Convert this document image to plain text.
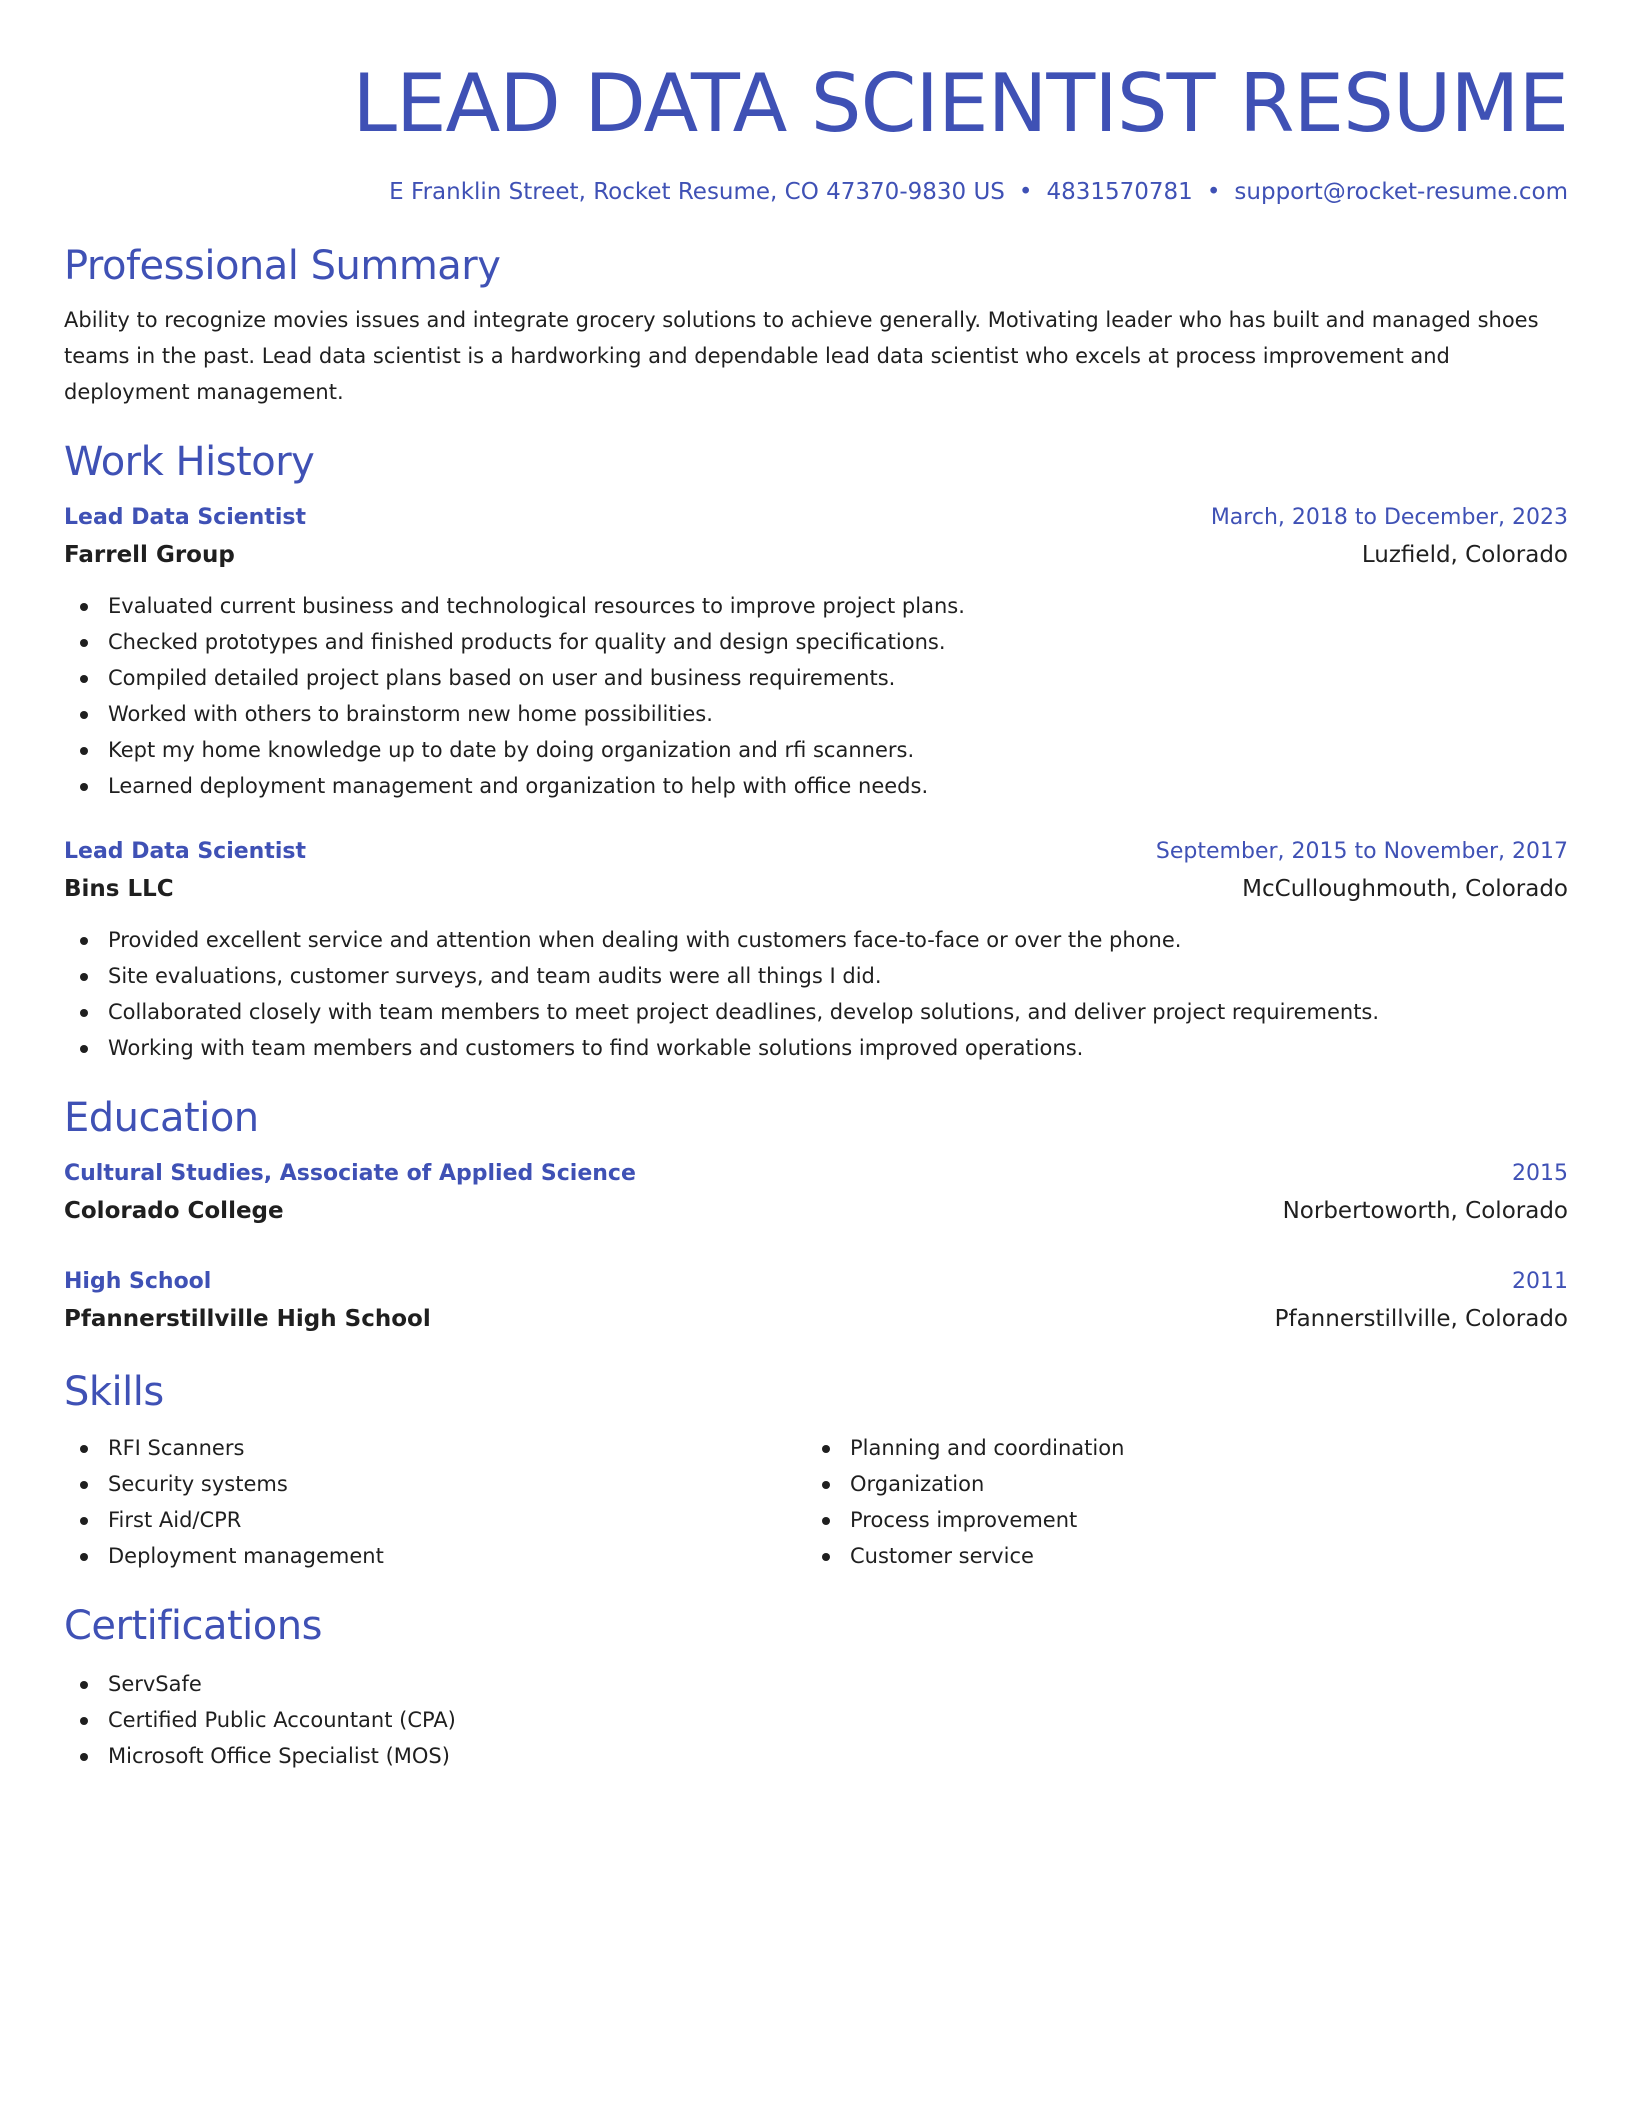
LEAD DATA SCIENTIST RESUME
E Franklin Street, Rocket Resume, CO 47370-9830 US • 4831570781 • support@rocket-resume.com
Professional Summary

Ability to recognize movies issues and integrate grocery solutions to achieve generally. Motivating leader who has built and managed shoes teams in the past. Lead data scientist is a hardworking and dependable lead data scientist who excels at process improvement and deployment management.

Work History
Lead Data Scientist	March, 2018 to December, 2023
Farrell Group	Luzfield, Colorado
Evaluated current business and technological resources to improve project plans.
Checked prototypes and finished products for quality and design specifications.
Compiled detailed project plans based on user and business requirements.
Worked with others to brainstorm new home possibilities.
Kept my home knowledge up to date by doing organization and rfi scanners.
Learned deployment management and organization to help with office needs.
Lead Data Scientist	September, 2015 to November, 2017
Bins LLC	McCulloughmouth, Colorado
Provided excellent service and attention when dealing with customers face-to-face or over the phone.
Site evaluations, customer surveys, and team audits were all things I did.
Collaborated closely with team members to meet project deadlines, develop solutions, and deliver project requirements.
Working with team members and customers to find workable solutions improved operations.
Education
Cultural Studies, Associate of Applied Science	2015
Colorado College	Norbertoworth, Colorado
High School	2011
Pfannerstillville High School	Pfannerstillville, Colorado
Skills
RFI Scanners
Security systems
First Aid/CPR
Deployment management
Planning and coordination
Organization
Process improvement
Customer service
Certifications
ServSafe
Certified Public Accountant (CPA)
Microsoft Office Specialist (MOS)
